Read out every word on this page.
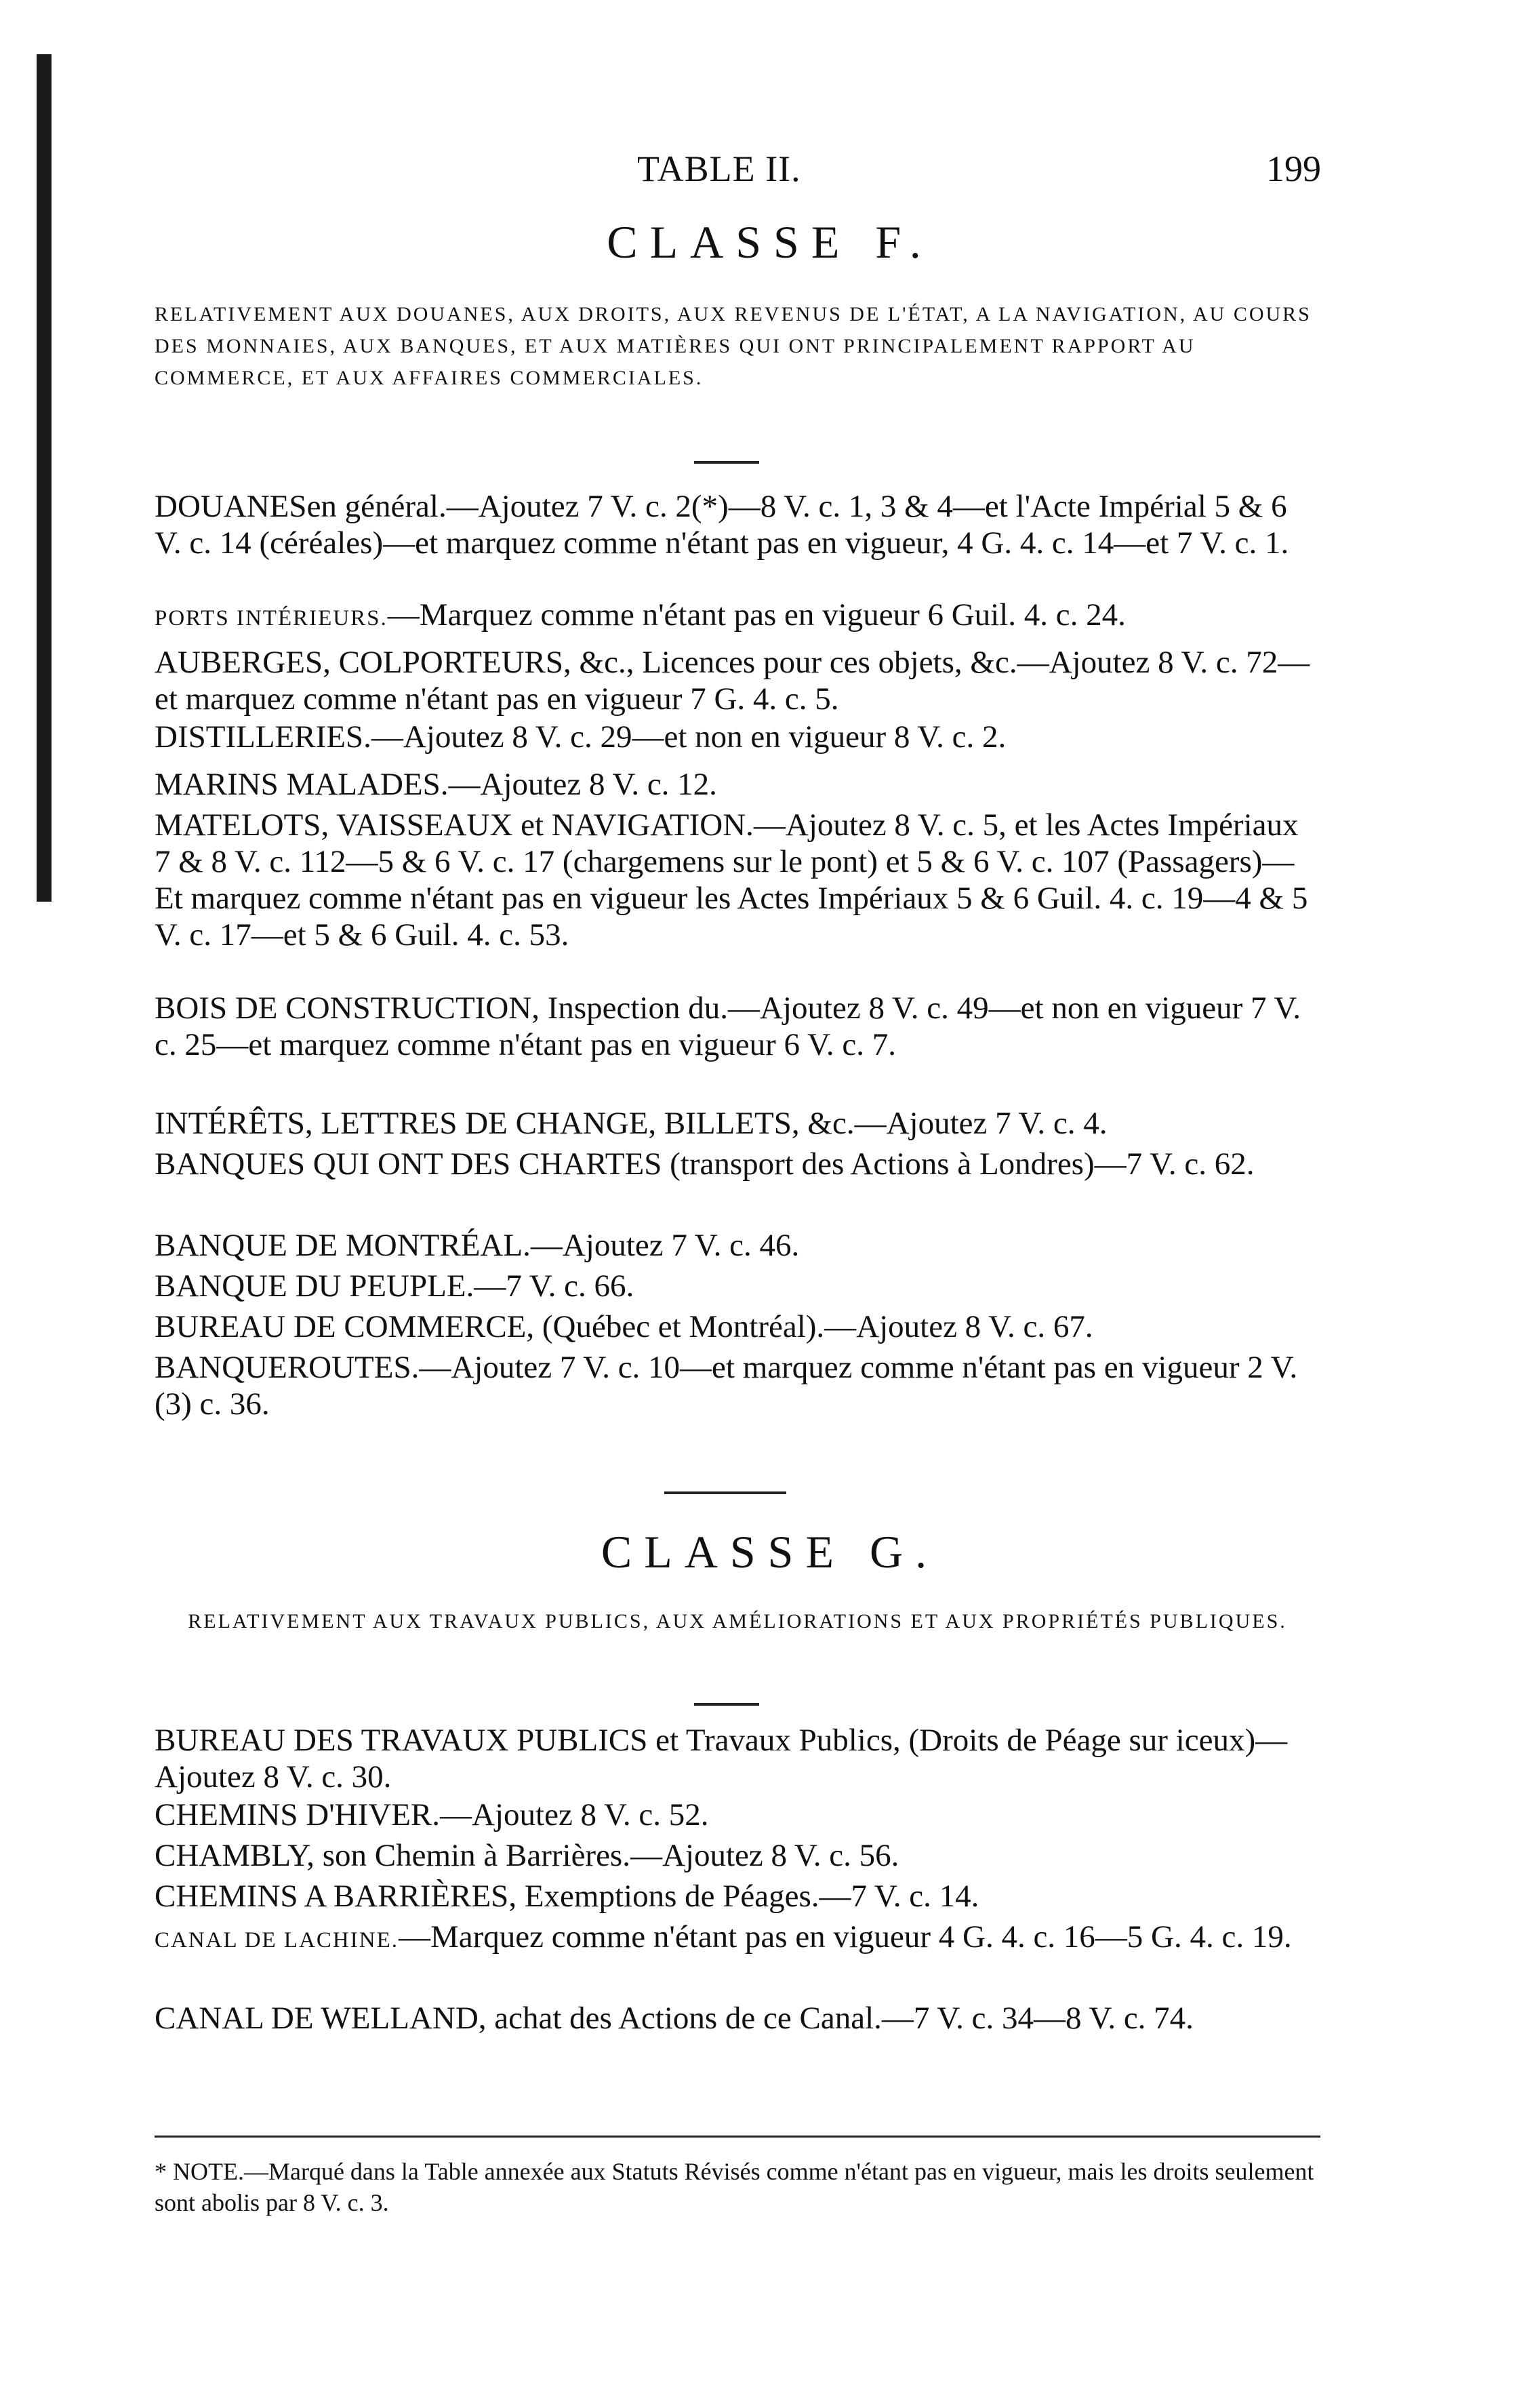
TABLE II.	199
CLASSE F.
RELATIVEMENT AUX DOUANES, AUX DROITS, AUX REVENUS DE L'ÉTAT, A LA NAVIGATION, AU COURS DES MONNAIES, AUX BANQUES, ET AUX MATIÈRES QUI ONT PRINCIPALEMENT RAPPORT AU COMMERCE, ET AUX AFFAIRES COMMERCIALES.
DOUANESen général.—Ajoutez 7 V. c. 2(*)—8 V. c. 1, 3 & 4—et l'Acte Impérial 5 & 6 V. c. 14 (céréales)—et marquez comme n'étant pas en vigueur, 4 G. 4. c. 14—et 7 V. c. 1.
PORTS INTÉRIEURS.—Marquez comme n'étant pas en vigueur 6 Guil. 4. c. 24.
AUBERGES, COLPORTEURS, &c., Licences pour ces objets, &c.—Ajoutez 8 V. c. 72—et marquez comme n'étant pas en vigueur 7 G. 4. c. 5.
DISTILLERIES.—Ajoutez 8 V. c. 29—et non en vigueur 8 V. c. 2.
MARINS MALADES.—Ajoutez 8 V. c. 12.
MATELOTS, VAISSEAUX et NAVIGATION.—Ajoutez 8 V. c. 5, et les Actes Impériaux 7 & 8 V. c. 112—5 & 6 V. c. 17 (chargemens sur le pont) et 5 & 6 V. c. 107 (Passagers)—Et marquez comme n'étant pas en vigueur les Actes Impériaux 5 & 6 Guil. 4. c. 19—4 & 5 V. c. 17—et 5 & 6 Guil. 4. c. 53.
BOIS DE CONSTRUCTION, Inspection du.—Ajoutez 8 V. c. 49—et non en vigueur 7 V. c. 25—et marquez comme n'étant pas en vigueur 6 V. c. 7.
INTÉRÊTS, LETTRES DE CHANGE, BILLETS, &c.—Ajoutez 7 V. c. 4.
BANQUES QUI ONT DES CHARTES (transport des Actions à Londres)—7 V. c. 62.
BANQUE DE MONTRÉAL.—Ajoutez 7 V. c. 46.
BANQUE DU PEUPLE.—7 V. c. 66.
BUREAU DE COMMERCE, (Québec et Montréal).—Ajoutez 8 V. c. 67.
BANQUEROUTES.—Ajoutez 7 V. c. 10—et marquez comme n'étant pas en vigueur 2 V. (3) c. 36.
CLASSE G.
RELATIVEMENT AUX TRAVAUX PUBLICS, AUX AMÉLIORATIONS ET AUX PROPRIÉTÉS PUBLIQUES.
BUREAU DES TRAVAUX PUBLICS et Travaux Publics, (Droits de Péage sur iceux)—Ajoutez 8 V. c. 30.
CHEMINS D'HIVER.—Ajoutez 8 V. c. 52.
CHAMBLY, son Chemin à Barrières.—Ajoutez 8 V. c. 56.
CHEMINS A BARRIÈRES, Exemptions de Péages.—7 V. c. 14.
CANAL DE LACHINE.—Marquez comme n'étant pas en vigueur 4 G. 4. c. 16—5 G. 4. c. 19.
CANAL DE WELLAND, achat des Actions de ce Canal.—7 V. c. 34—8 V. c. 74.
* NOTE.—Marqué dans la Table annexée aux Statuts Révisés comme n'étant pas en vigueur, mais les droits seulement sont abolis par 8 V. c. 3.
